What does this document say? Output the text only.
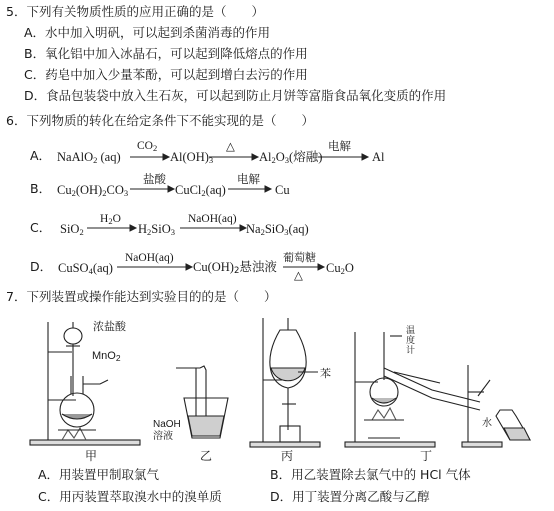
5．下列有关物质性质的应用正确的是（　　）
A．水中加入明矾，可以起到杀菌消毒的作用
B．氧化铝中加入冰晶石，可以起到降低熔点的作用
C．药皂中加入少量苯酚，可以起到增白去污的作用
D．食品包装袋中放入生石灰，可以起到防止月饼等富脂食品氧化变质的作用
6．下列物质的转化在给定条件下不能实现的是（　　）
A． NaAlO$_2$ (aq)
$CO_2$
$Al(OH)_3$
△
$Al_2O_3$(熔融)
电解
Al
B． $Cu_2(OH)_2CO_3$
盐酸
CuCl$_2$(aq)
电解
Cu
C． SiO$_2$
$H_2O$
$H_2SiO_3$
NaOH(aq)
$Na_2SiO_3(aq)$
D． CuSO$_4$(aq)
NaOH(aq)
$Cu(OH)_2$悬浊液
葡萄糖
△
$Cu_2O$
7．下列装置或操作能达到实验目的的是（　　）
浓盐酸
MnO$_2$
NaOH
溶液
苯
温
度
计
水
甲	乙	丙	丁
A．用装置甲制取氯气	B．用乙装置除去氯气中的 HCl 气体
C．用丙装置萃取溴水中的溴单质	D．用丁装置分离乙酸与乙醇
